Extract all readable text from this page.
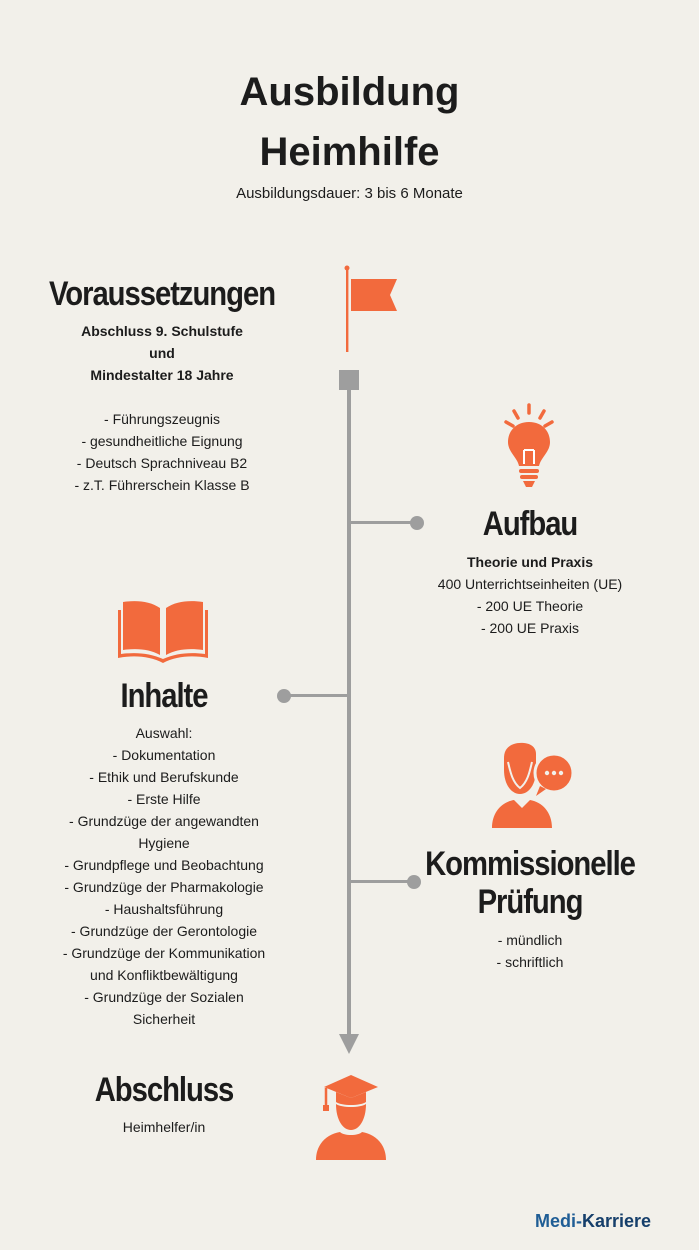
Ausbildung
Heimhilfe
Ausbildungsdauer: 3 bis 6 Monate
Voraussetzungen
Abschluss 9. Schulstufe
und
Mindestalter 18 Jahre
- Führungszeugnis
- gesundheitliche Eignung
- Deutsch Sprachniveau B2
- z.T. Führerschein Klasse B
Aufbau
Theorie und Praxis
400 Unterrichtseinheiten (UE)
- 200 UE Theorie
- 200 UE Praxis
Inhalte
Auswahl:
- Dokumentation
- Ethik und Berufskunde
- Erste Hilfe
- Grundzüge der angewandten
Hygiene
- Grundpflege und Beobachtung
- Grundzüge der Pharmakologie
- Haushaltsführung
- Grundzüge der Gerontologie
- Grundzüge der Kommunikation
und Konfliktbewältigung
- Grundzüge der Sozialen
Sicherheit
Kommissionelle
Prüfung
- mündlich
- schriftlich
Abschluss
Heimhelfer/in
Medi-Karriere
